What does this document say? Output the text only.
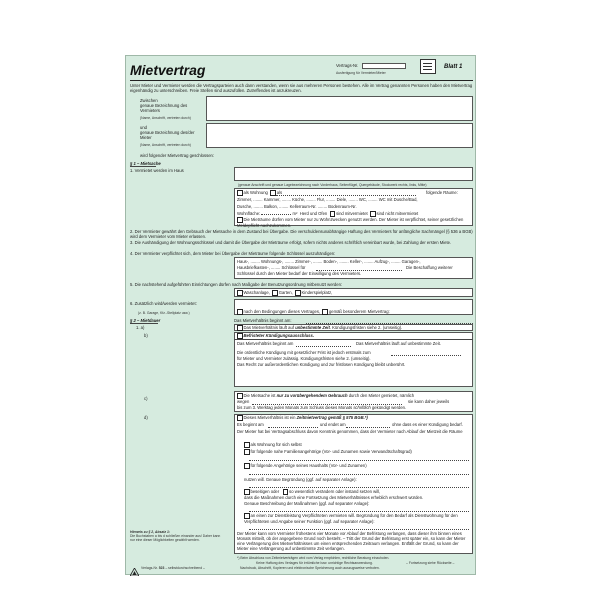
Mietvertrag	Vertrags-Nr.
Ausfertigung für Vermieter/Mieter
Blatt 1
Unter Mieter und Vermieter werden die Vertragsparteien auch dann verstanden, wenn sie aus mehreren Personen bestehen. Alle im Vertrag genannten Personen haben den Mietvertrag eigenhändig zu unterschreiben. Freie Stellen sind auszufüllen. Zutreffendes ist anzukreuzen.
Zwischen
genaue Bezeichnung des Vermieters
(Name, Anschrift, vertreten durch)
und
genaue Bezeichnung des/der Mieter
(Name, Anschrift, vertreten durch)
wird folgender Mietvertrag geschlossen:
§ 1 – Mietsache
1. Vermietet werden im Haus
(genaue Anschrift und genaue Lagebezeichnung nach Vorderhaus, Seitenflügel, Quergebäude, Stockwerk rechts, links, Mitte)
als Wohnung als	folgende Räume:
Zimmer, ........ Kammer, ........ Küche, ........ Flur, ........ Diele, ........ WC, ........ WC mit Dusche/Bad,
Dusche, ........ Balkon, ........ Kellerraum-Nr. ........ Bodenraum-Nr.
Wohnfläche:	m² Herd und Ofen sind mitvermietet sind nicht mitvermietet
Die Mieträume dürfen vom Mieter nur zu Wohnzwecken genutzt werden. Der Mieter ist verpflichtet, seiner gesetzlichen Meldepflicht nachzukommen.
2. Der Vermieter gewährt den Gebrauch der Mietsache in dem Zustand bei Übergabe. Die verschuldensunabhängige Haftung des Vermieters für anfängliche Sachmängel (§ 536 a BGB) wird dem Vermieter vom Mieter erlassen.
3. Die Aushändigung der Wohnungsschlüssel und damit die Übergabe der Mieträume erfolgt, sofern nichts anderes schriftlich vereinbart wurde, bei Zahlung der ersten Miete.
4. Der Vermieter verpflichtet sich, dem Mieter bei Übergabe der Mieträume folgende Schlüssel auszuhändigen:
Haus-, ........ Wohnungs-, ........ Zimmer-, ........ Boden-, ........ Keller-, ........ Aufzug-, ........ Garagen-,
Hausbriefkasten-, ........ Schlüssel für	Die Beschaffung weiterer
Schlüssel durch den Mieter bedarf der Einwilligung des Vermieters.
5. Die nachstehend aufgeführten Einrichtungen dürfen nach Maßgabe der Benutzungsordnung mitbenutzt werden:
Waschanlage, Garten, Kinderspielplatz,
6. Zusätzlich wird/werden vermietet:
(z. B. Garage, Kfz.-Stellplatz usw.)	nach den Bedingungen dieses Vertrages, gemäß besonderem Mietvertrag:
§ 2 – Mietdauer	Das Mietverhältnis beginnt am:
1. a)	Das Mietverhältnis läuft auf unbestimmte Zeit. Kündigungsfristen siehe 2. (umseitig).
b)	Befristeter Kündigungsausschluss.
Das Mietverhältnis beginnt am	Das Mietverhältnis läuft auf unbestimmte Zeit.
Die ordentliche Kündigung mit gesetzlicher Frist ist jedoch erstmals zum
für Mieter und Vermieter zulässig. Kündigungsfristen siehe 2. (umseitig).
Das Recht zur außerordentlichen Kündigung und zur fristlosen Kündigung bleibt unberührt.
c)
Die Mietsache ist nur zu vorübergehendem Gebrauch durch den Mieter gemietet, nämlich
wegen	sie kann daher jeweils
bis zum 3. Werktag jeden Monats zum Schluss dieses Monats schriftlich gekündigt werden.
d)	Dieses Mietverhältnis ist ein Zeitmietvertrag gemäß § 575 BGB.*)
Es beginnt am	und endet am	ohne dass es einer Kündigung bedarf.
Der Mieter hat bei Vertragsabschluss davon Kenntnis genommen, dass der Vermieter nach Ablauf der Mietzeit die Räume
als Wohnung für sich selbst
für folgende nahe Familienangehörige (Vor- und Zunamen sowie Verwandtschaftsgrad)
für folgende Angehörige seines Haushalts (Vor- und Zunamen)
nutzen will. Genaue Begründung (ggf. auf separater Anlage):
beseitigen oder so wesentlich verändern oder instand setzen will,
dass die Maßnahmen durch eine Fortsetzung des Mietverhältnisses erheblich erschwert würden.
Genaue Beschreibung der Maßnahmen (ggf. auf separater Anlage):
an einen zur Dienstleistung Verpflichteten vermieten will. Begründung für den Bedarf als Dienstwohnung für den Verpflichteten und Angabe seiner Funktion (ggf. auf separater Anlage):
Der Mieter kann vom Vermieter frühestens vier Monate vor Ablauf der Befristung verlangen, dass dieser ihm binnen eines Monats mitteilt, ob der angegebene Grund noch besteht. – Tritt der Grund der Befristung erst später ein, so kann der Mieter eine Verlängerung des Mietverhältnisses um einen entsprechenden Zeitraum verlangen. Entfällt der Grund, so kann der Mieter eine Verlängerung auf unbestimmte Zeit verlangen.
Hinweis zu § 2, Absatz 1:
Die Buchstaben a bis d schließen einander aus! Daher kann nur eine dieser Möglichkeiten gewählt werden.
*) Beim Abschluss von Zeitmietverträgen wird vom Verlag empfohlen, rechtliche Beratung einzuholen.
Keine Haftung des Verlages für irrtümliche bzw. unrichtige Rechtsanwendung.	– Fortsetzung siehe Rückseite –
Verlags-Nr. 523 – selbstdurchschreibend –	Nachdruck, Abschrift, Kopieren und elektronische Speicherung auch auszugsweise verboten.
